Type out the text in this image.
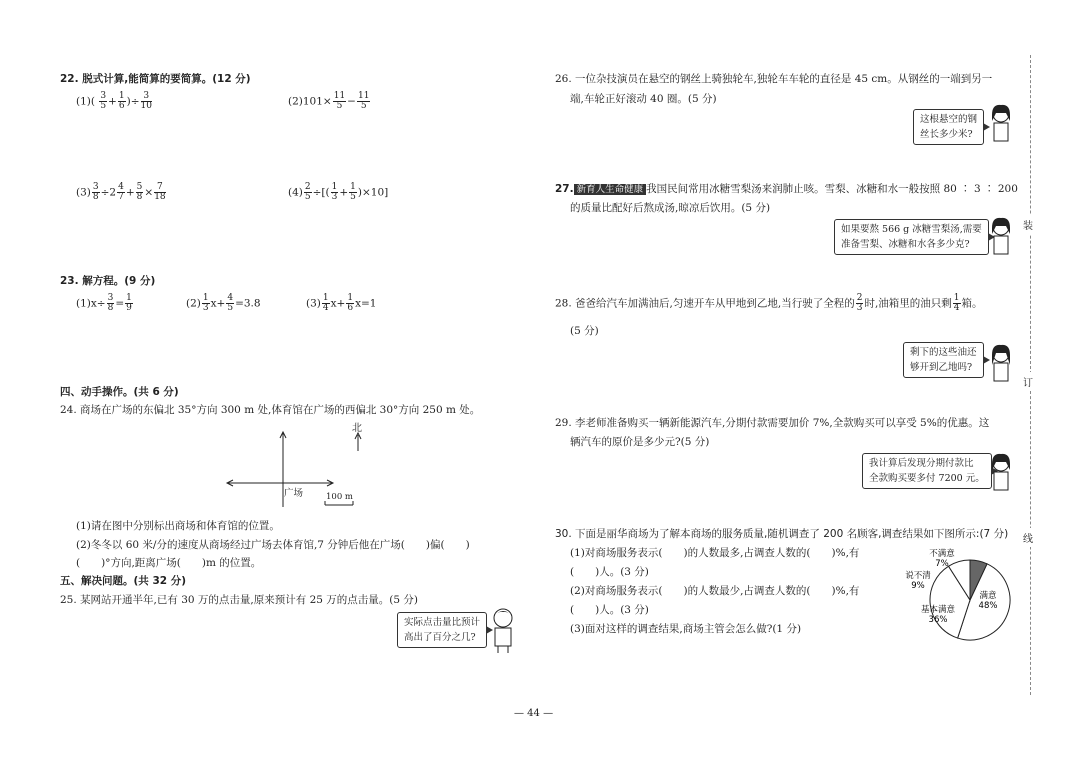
22. 脱式计算,能简算的要简算。(12 分)
$(1)( \frac{3}{5} + \frac{1}{6}$ )÷ $\frac{3}{10}$	$(2)101\times \frac{11}{5} - \frac{11}{5}$
$(3) \frac{3}{8} \div 2 \frac{4}{7} + \frac{5}{8} \times \frac{7}{18}$	$(4) \frac{2}{5}$ ÷[( $\frac{1}{3} + \frac{1}{5} )\times 10$]
23. 解方程。(9 分)
$(1)x\div \frac{3}{8} = \frac{1}{9}$	$(2) \frac{1}{3} x+ \frac{4}{5} =3.8$	$(3) \frac{1}{4} x+ \frac{1}{6} x=1$
四、动手操作。(共 6 分)
24. 商场在广场的东偏北 35°方向 300 m 处,体育馆在广场的西偏北 30°方向 250 m 处。
北
广场	100 m
(1)请在图中分别标出商场和体育馆的位置。
(2)冬冬以 60 米/分的速度从商场经过广场去体育馆,7 分钟后他在广场(　　)偏(　　)
(　　)°方向,距离广场(　　)m 的位置。
五、解决问题。(共 32 分)
25. 某网站开通半年,已有 30 万的点击量,原来预计有 25 万的点击量。(5 分)
实际点击量比预计
高出了百分之几?
— 44 —
26. 一位杂技演员在悬空的钢丝上骑独轮车,独轮车车轮的直径是 45 cm。从钢丝的一端到另一
端,车轮正好滚动 40 圈。(5 分)
这根悬空的钢
丝长多少米?
27. 新育人生命健康 我国民间常用冰糖雪梨汤来润肺止咳。雪梨、冰糖和水一般按照 80 ∶ 3 ∶ 200
的质量比配好后熬成汤,晾凉后饮用。(5 分)
如果要熬 566 g 冰糖雪梨汤,需要
准备雪梨、冰糖和水各多少克?
28. 爸爸给汽车加满油后,匀速开车从甲地到乙地,当行驶了全程的 $\frac{2}{3}$ 时,油箱里的油只剩 $\frac{1}{4}$ 箱。
(5 分)
剩下的这些油还
够开到乙地吗?
29. 李老师准备购买一辆新能源汽车,分期付款需要加价 7%,全款购买可以享受 5%的优惠。这
辆汽车的原价是多少元?(5 分)
我计算后发现分期付款比
全款购买要多付 7200 元。
30. 下面是丽华商场为了解本商场的服务质量,随机调查了 200 名顾客,调查结果如下图所示:(7 分)
(1)对商场服务表示(　　)的人数最多,占调查人数的(　　)%,有
(　　)人。(3 分)
(2)对商场服务表示(　　)的人数最少,占调查人数的(　　)%,有
(　　)人。(3 分)
(3)面对这样的调查结果,商场主管会怎么做?(1 分)
满意 48%
基本满意 36%
说不清 9%
不满意 7%
装
订
线
